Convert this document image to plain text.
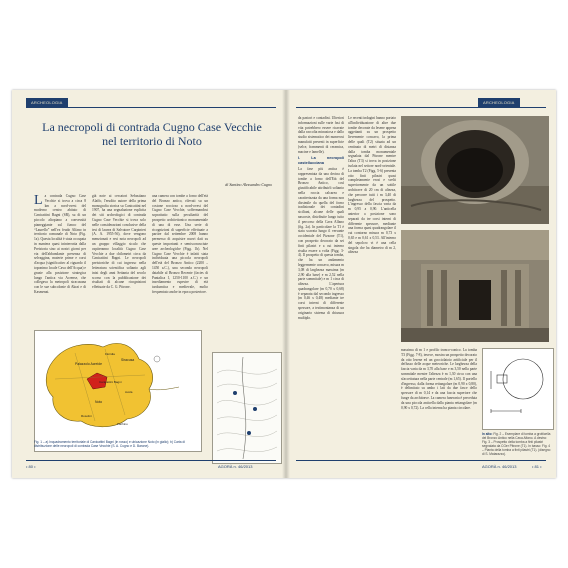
ARCHEOLOGIA
La necropoli di contrada Cugno Case Vecchie
nel territorio di Noto
di Santino Alessandro Cugno
L a contrada Cugno Case Vecchie si trova a circa 8 km a nord-ovest del moderno centro abitato di Canicattini Bagni (SR), su di un piccolo altopiano a convessità pianeggiante sul fianco del “Laurello” nell'ex feudo Alfano in territorio comunale di Noto (Fig. 1a). Questa località è stata occupata in maniera quasi ininterrotta dalla Preistoria sino ai nostri giorni per via dell'abbondante presenza di selvaggina, materie prime e corsi d'acqua (significativo al riguardo il toponimo locale Cava dell'Acqua) e grazie alla posizione strategica lungo l'antica via Acrense, che collegava la metropoli siracusana con le sue subcolonie di Akrai e di Kasmenai.
già note ai cercatori Sebastiano Alaffo, l'erudito autore della prima monografia storica su Canicattini nel 1907, ha una segnalazione esplicita dei siti archeologici di contrada Cugno Case Vecchie si trova solo nelle considerazioni conclusive della tesi di laurea di Salvatore Carpinteri (A. A. 1955-56), dove vengono menzionati e resi nota necropoli ad un gruppo villaggio siculo che ospiteranno località Cugno Case Vecchie a due chilometri circa da Canicattini Bagni. Le necropoli preistoriche di cui ingresso nella letteratura scientifica soltanto agli inizi degli anni Settanta del secolo scorso con la pubblicazione dei risultati di alcune ricognizioni effettuate da C. G. Pitrone.
una camera con tombe a forno dell'età del Bronzo antico, rilevati su un costone roccioso a nord-ovest del Cugno Case Vecchie, soffermandosi soprattutto sulla peculiarità del prospetto architettonico monumentale di una di esse. Una serie di ricognizioni di superficie effettuate a partire dal settembre 2008 hanno permesso di acquisire nuovi dati su queste importanti e semisconosciute aree archeologiche (Figg. 1b). Nel Cugno Case Vecchie è infatti stata individuata una piccola necropoli dell'età del Bronzo Antico (2200 – 1450 a.C.), una seconda necropoli databile al Bronzo Recente (facies di Pantalica I, 1250-1100 a.C.) e un insediamento rupestre di età tardoantica e medievale, molto frequentato anche in epoca posteriore.
Palazzolo Acreide
Siracusa
Noto
Canicattini Bagni
Floridia
Avola
Rosolini
Pachino
Fig. 1 – a) Inquadramento territoriale di Canicattini Bagni (in rosso) e ubicazione Noto (in giallo); b) Carta di distribuzione delle necropoli di contrada Case Vecchie (S. A. Cugno e D. Barone).
• 80 •	AGORÀ n. 46/2013
ARCHEOLOGIA

da pastori e contadini. Ulteriori informazioni sulle varie fasi di vita potrebbero essere ricavate dalla raccolta minuziosa e dallo studio sistematico dei numerosi manufatti presenti in superficie (selce, frammenti di ceramica, macine e lamelle).

I. La necropoli castellucciana

La fase più antica è rappresentata da una decina di tombe a forno dell'Età del Bronzo Antico, così giustificabile attribuirli soltanto nella roccia calcarea e caratterizzata da una forma non dissimile da quella del forno tradizionale dei contadini siciliani, alcune delle quali nascoste, distribuite lungo tutto il percorso della Cava Alfano (fig. 2a). In particolare la T1 è stata scavata lungo il versante occidentale del Pizzone (T1), con prospetto decorato da sei finti pilastri e a cui interno risulta essere a volta (Figg. 3-4). Il prospetto di questa tomba, che ha un andamento leggermente concavo, misura m 3,08 di larghezza massima (m 2,90 alla base) e m 2,52 nella parte sommitale) e m 1 circa di altezza. L'apertura quadrangolare (m 0,70 x 0,68) è separata dal secondo ingresso (m 0,46 x 0,48) mediante tre corsi interni di differente spessore, a testimonianza di un originario sistema di chiusura multiplo.

Le recenti indagini hanno portato all'individuazione di altre due tombe decorate da lesene appena aggettanti su un prospetto lievemente concavo, la prima delle quali (T2) situata ad un centinaio di metri di distanza dalla tomba monumentale segnalata dal Pitrone mentre l'altra (T3) si trova in posizione isolata nel settore nord-orientale. La tomba T2 (Figg. 5-6) presenta otto finti pilastri quasi completamente erosi e svelti superiormente da un sottile architrave di 20 cm di altezza, che percorre tutti i m 3,40 di larghezza del prospetto. L'ingresso della fascia varia da m 0,95 a 0,90. L'anticella anterior a posizione sono separati da tre corsi interni di differente spessore, mediante una forma quasi quadrangolare il cui contorno misura m 0,73 x 0,65 e m 0,61 x 0,53. All'interno del sepolcro vi è una cella singola che ha diametro di m 2, altezza
massima di m 1 e profilo tronco-conico. La tomba T3 (Figg. 7-8), invece, mostra un prospetto decorato da otto lesene ed un gocciolatoio artificiale per il deflusso delle acque meteoriche. Le larghezza della fascia varia da m 3,70 alla base e m 3,50 nella parte sommitale mentre l'altezza è m 1,30 circa con una sfaccettatura nella parte centrale (m 1,65). Il portello d'ingresso, dalla forma rettangolare (m 0,90 x 0,80), è delimitato su ambo i lati da due fasce dello spessore di m 0,14 e da una fascia superiore che funge da architrave. La camera funeraria è preceduta da una piccola anticella dalla pianta rettangolare (m 0,90 x 0,72). La cella interna ha pianta circolare.
In alto: Fig. 2 – Esemplare di tomba a grotticella del Bronzo Antico nella Cava Alfano. A destra: Fig. 3 – Prospetto della tomba a finti pilastri segnalata da CGer Pitrone (T1). In basso: Fig. 4 – Pianta della tomba a finti pilastri (T1). (disegno di S. Matarazzo).
AGORÀ n. 46/2013	• 81 •
